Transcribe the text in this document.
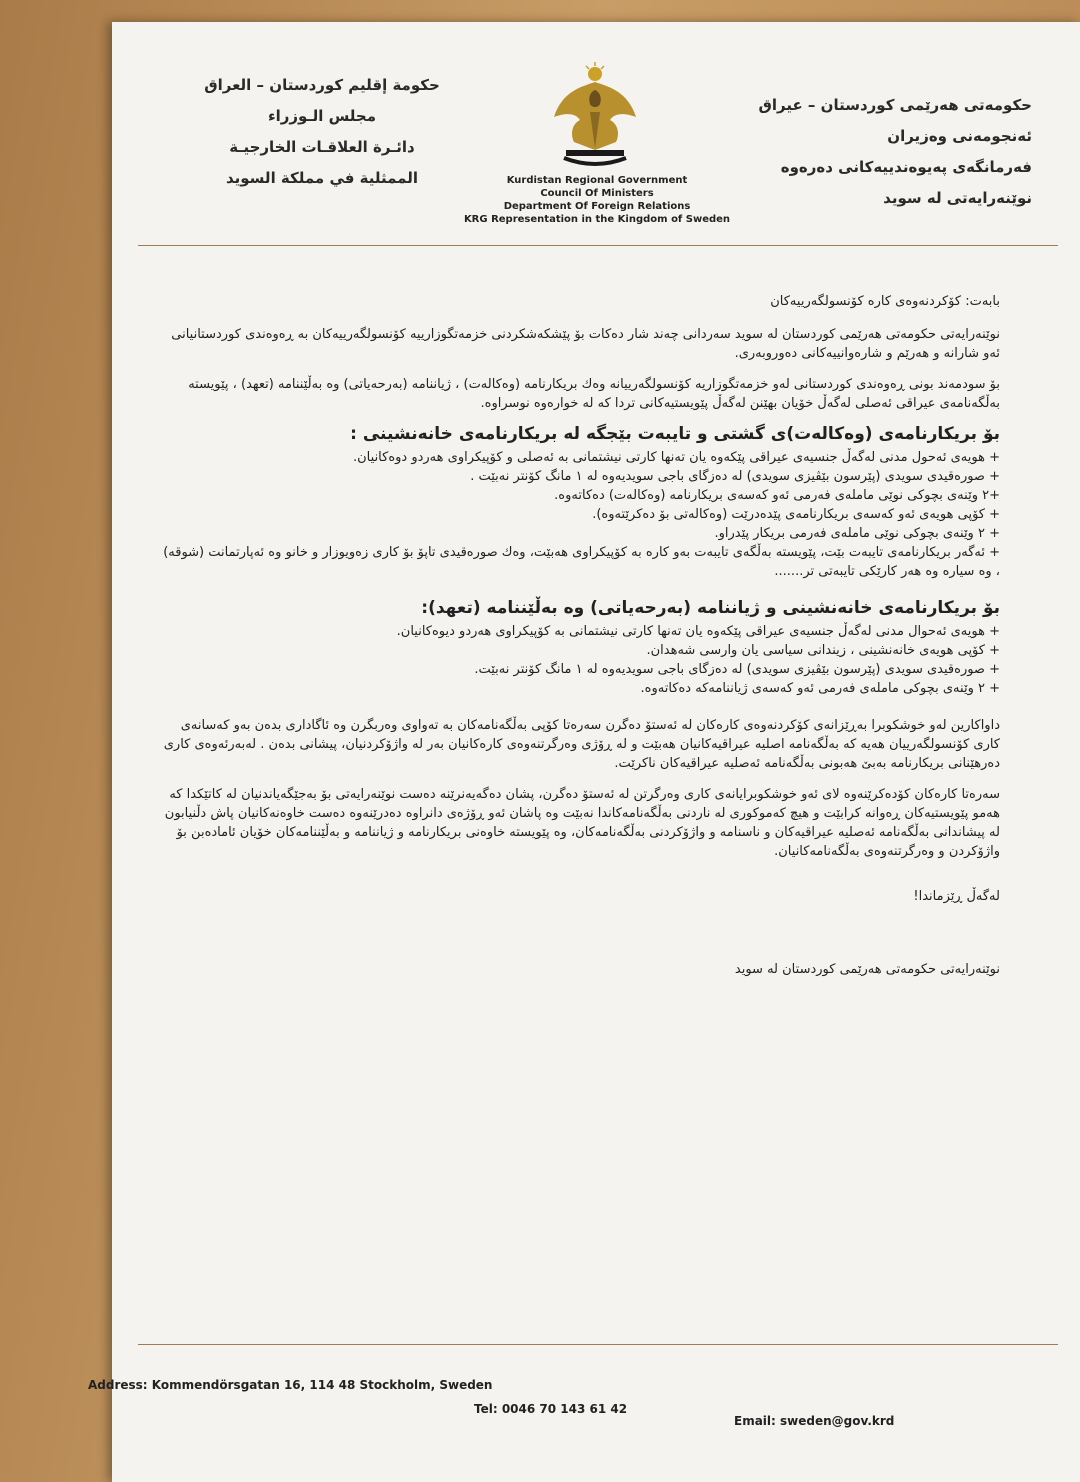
حكومة إقليم كوردستان – العراق
مجلس الـوزراء
دائـرة العلاقـات الخارجيـة
الممثلية في مملكة السويد	Kurdistan Regional Government
Council Of Ministers
Department Of Foreign Relations
KRG Representation in the Kingdom of Sweden
حکومەتی هەرێمی کوردستان – عیراق
ئەنجومەنی وەزیران
فەرمانگەی پەیوەندییەکانی دەرەوە
نوێنەرایەتی لە سوید

بابەت: کۆکردنەوەی کارە کۆنسولگەرییەکان

نوێنەرایەتی حکومەتی هەرێمی کوردستان لە سوید سەردانی چەند شار دەکات بۆ پێشکەشکردنی خزمەتگوزارییە کۆنسولگەرییەکان بە ڕەوەندی کوردستانیانی ئەو شارانە و هەرێم و شارەوانییەکانی دەوروبەری.

بۆ سودمەند بونی ڕەوەندی کوردستانی لەو خزمەتگوزاریە کۆنسولگەرییانە وەك بریکارنامە (وەکالەت) ، ژیاننامە (بەرحەیاتی) وە بەڵێننامە (تعهد) ، پێویستە بەڵگەنامەی عیراقی ئەصلی لەگەڵ خۆیان بهێنن لەگەڵ پێویستیەکانی تردا کە لە خوارەوە نوسراوە.

بۆ بریکارنامەی (وەکالەت)ی گشتی و تایبەت بێجگە لە بریکارنامەی خانەنشینی :

+ هویەی ئەحول مدنی لەگەڵ جنسیەی عیراقی پێکەوە یان تەنها کارتی نیشتمانی بە ئەصلی و کۆپیکراوی هەردو دوەکانیان.
+ صورەقیدی سویدی (پێرسون بێڤیزی سویدی) لە دەزگای باجی سویدیەوە لە ١ مانگ کۆنتر نەبێت .
+٢ وێنەی بچوکی نوێی ماملەی فەرمی ئەو کەسەی بریکارنامە (وەکالەت) دەکاتەوە.
+ کۆپی هویەی ئەو کەسەی بریکارنامەی پێدەدرێت (وەکالەتی بۆ دەکرێتەوە).
+ ٢ وێنەی بچوکی نوێی ماملەی فەرمی بریکار پێدراو.
+ ئەگەر بریکارنامەی تایبەت بێت، پێویستە بەڵگەی تایبەت بەو کارە بە کۆپیکراوی هەبێت، وەك صورەقیدی تاپۆ بۆ کاری زەویوزار و خانو وە ئەپارتمانت (شوقە) ، وە سیارە وە هەر کارێکی تایبەتی تر.......

بۆ بریکارنامەی خانەنشینی و ژیاننامە (بەرحەیاتی) وە بەڵێننامە (تعهد):

+ هویەی ئەحوال مدنی لەگەڵ جنسیەی عیراقی پێکەوە یان تەنها کارتی نیشتمانی بە کۆپیکراوی هەردو دیوەکانیان.
+ کۆپی هویەی خانەنشینی ، زیندانی سیاسی یان وارسی شەهدان.
+ صورەقیدی سویدی (پێرسون بێڤیزی سویدی) لە دەزگای باجی سویدیەوە لە ١ مانگ کۆنتر نەبێت.
+ ٢ وێنەی بچوکی ماملەی فەرمی ئەو کەسەی ژیاننامەکە دەکاتەوە.

داواکارین لەو خوشکوبرا بەڕێزانەی کۆکردنەوەی کارەکان لە ئەستۆ دەگرن سەرەتا کۆپی بەڵگەنامەکان بە تەواوی وەربگرن وە ئاگاداری بدەن بەو کەسانەی کاری کۆنسولگەرییان هەیە کە بەڵگەنامە اصلیە عیراقیەکانیان هەبێت و لە ڕۆژی وەرگرتنەوەی کارەکانیان بەر لە واژۆکردنیان، پیشانی بدەن . لەبەرئەوەی کاری دەرهێنانی بریکارنامە بەبێ هەبونی بەڵگەنامە ئەصلیە عیراقیەکان ناکرێت.

سەرەتا کارەکان کۆدەکرێنەوە لای ئەو خوشکوبرایانەی کاری وەرگرتن لە ئەستۆ دەگرن، پشان دەگەیەنرێنە دەست نوێنەرایەتی بۆ بەجێگەیاندنیان لە کاتێکدا کە هەمو پێویستیەکان ڕەوانە کرابێت و هیچ کەموکوری لە ناردنی بەڵگەنامەکاندا نەبێت وە پاشان ئەو ڕۆژەی دانراوە دەدرێنەوە دەست خاوەنەکانیان پاش دڵنیابون لە پیشاندانی بەڵگەنامە ئەصلیە عیراقیەکان و ناسنامە و واژۆکردنی بەڵگەنامەکان، وە پێویستە خاوەنی بریکارنامە و ژیاننامە و بەڵێننامەکان خۆیان ئامادەبن بۆ واژۆکردن و وەرگرتنەوەی بەڵگەنامەکانیان.

لەگەڵ ڕێزماندا!

نوێنەرایەتی حکومەتی هەرێمی کوردستان لە سوید

Address: Kommendörsgatan 16, 114 48 Stockholm, Sweden
Tel: 0046 70 143 61 42
Email: sweden@gov.krd
